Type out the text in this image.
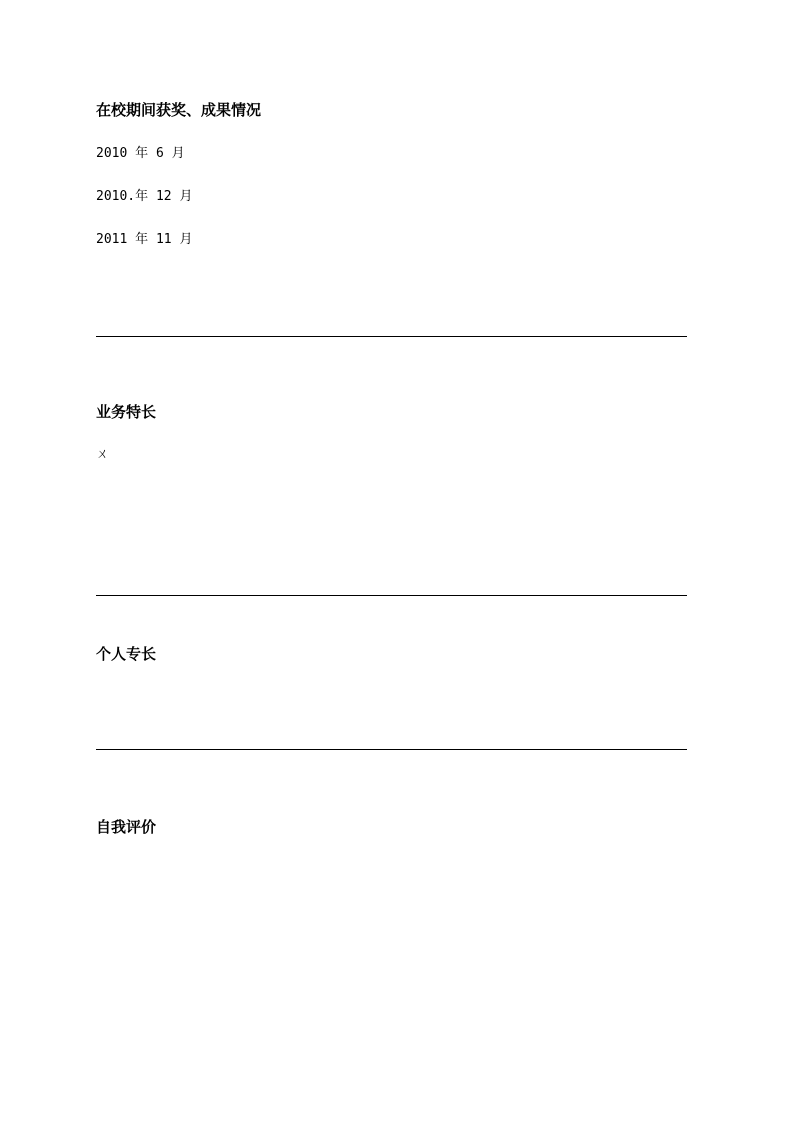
在校期间获奖、成果情况
2010 年 6 月
2010.年 12 月
2011 年 11 月
业务特长
ㄨ
个人专长
自我评价
